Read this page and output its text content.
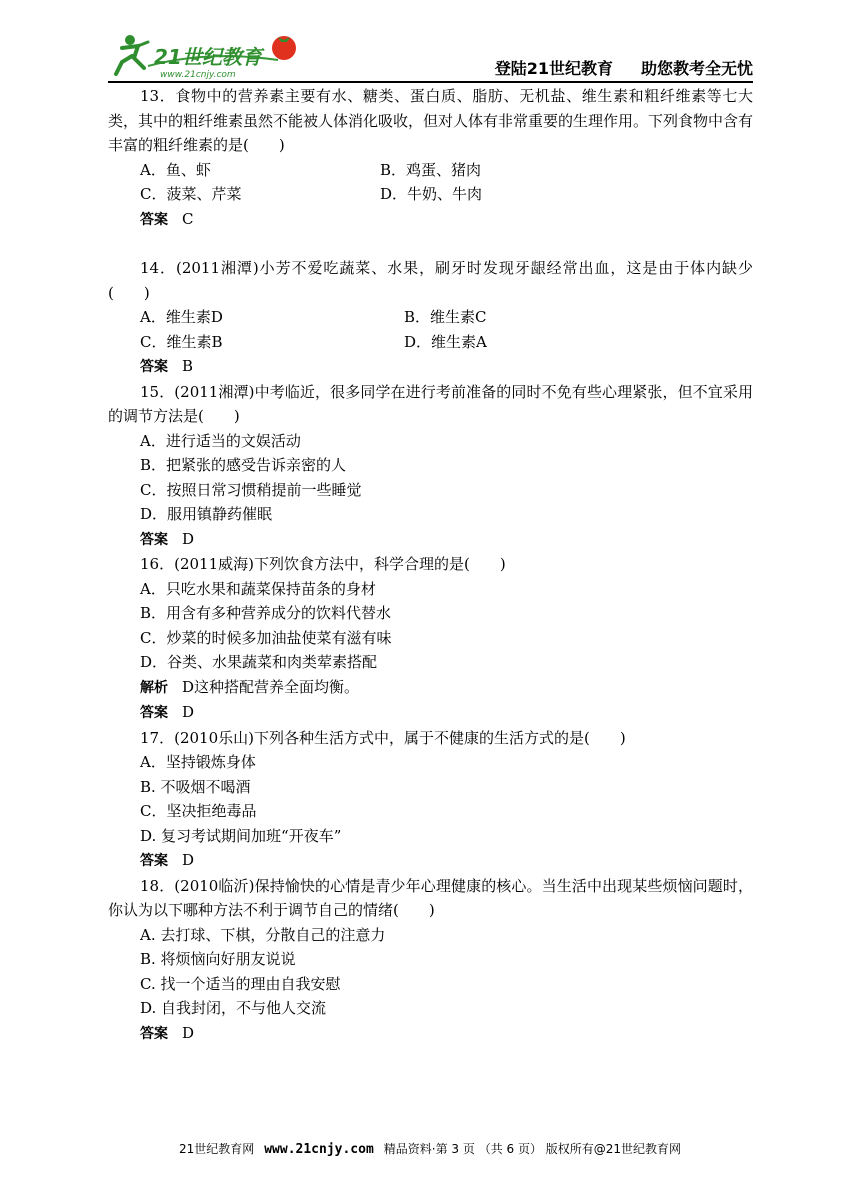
21世纪教育
www.21cnjy.com	登陆21世纪教育 助您教考全无忧

13．食物中的营养素主要有水、糖类、蛋白质、脂肪、无机盐、维生素和粗纤维素等七大类，其中的粗纤维素虽然不能被人体消化吸收，但对人体有非常重要的生理作用。下列食物中含有丰富的粗纤维素的是(　　)

A．鱼、虾	B．鸡蛋、猪肉
C．菠菜、芹菜	D．牛奶、牛肉

答案 C

14．(2011湘潭)小芳不爱吃蔬菜、水果，刷牙时发现牙龈经常出血，这是由于体内缺少(　　)

A．维生素D	B．维生素C
C．维生素B	D．维生素A

答案 B

15．(2011湘潭)中考临近，很多同学在进行考前准备的同时不免有些心理紧张，但不宜采用的调节方法是(　　)

A．进行适当的文娱活动

B．把紧张的感受告诉亲密的人

C．按照日常习惯稍提前一些睡觉

D．服用镇静药催眠

答案 D

16．(2011威海)下列饮食方法中，科学合理的是(　　)

A．只吃水果和蔬菜保持苗条的身材

B．用含有多种营养成分的饮料代替水

C．炒菜的时候多加油盐使菜有滋有味

D．谷类、水果蔬菜和肉类荤素搭配

解析 D这种搭配营养全面均衡。

答案 D

17．(2010乐山)下列各种生活方式中，属于不健康的生活方式的是(　　)

A．坚持锻炼身体

B. 不吸烟不喝酒

C．坚决拒绝毒品

D. 复习考试期间加班“开夜车”

答案 D

18．(2010临沂)保持愉快的心情是青少年心理健康的核心。当生活中出现某些烦恼问题时，你认为以下哪种方法不利于调节自己的情绪(　　)

A. 去打球、下棋，分散自己的注意力

B. 将烦恼向好朋友说说

C. 找一个适当的理由自我安慰

D. 自我封闭，不与他人交流

答案 D

21世纪教育网 www.21cnjy.com 精品资料·第 3 页 （共 6 页） 版权所有@21世纪教育网
